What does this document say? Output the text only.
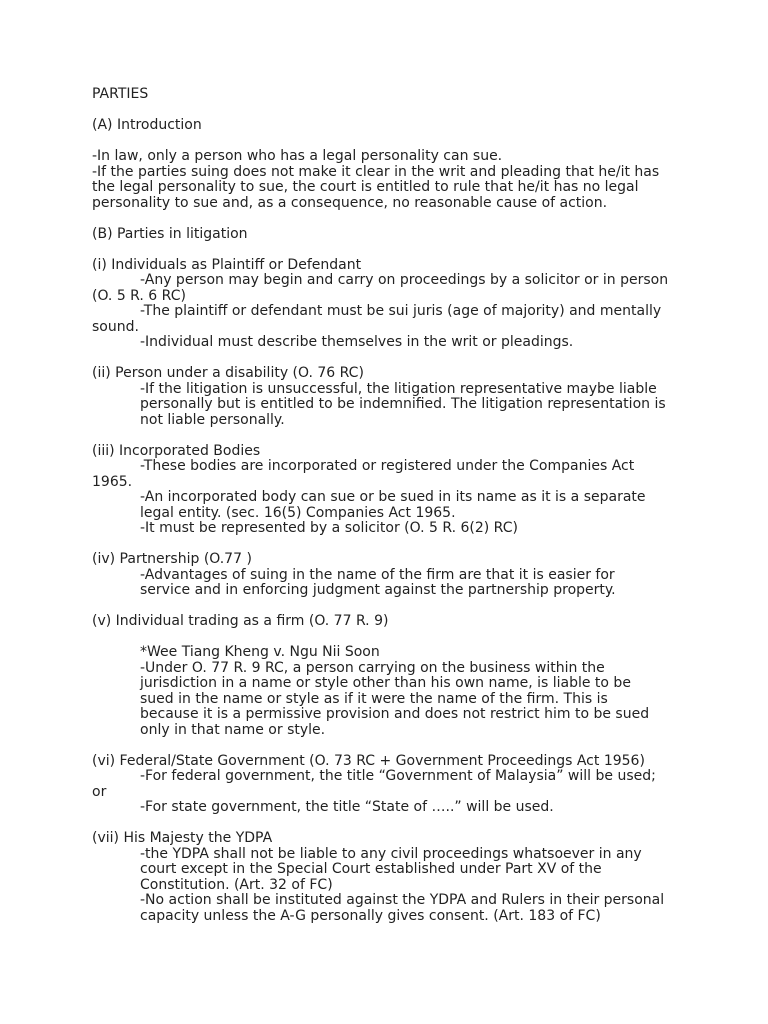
PARTIES
(A) Introduction
-In law, only a person who has a legal personality can sue.
-If the parties suing does not make it clear in the writ and pleading that he/it has
the legal personality to sue, the court is entitled to rule that he/it has no legal
personality to sue and, as a consequence, no reasonable cause of action.
(B) Parties in litigation
(i) Individuals as Plaintiff or Defendant
-Any person may begin and carry on proceedings by a solicitor or in person
(O. 5 R. 6 RC)
-The plaintiff or defendant must be sui juris (age of majority) and mentally
sound.
-Individual must describe themselves in the writ or pleadings.
(ii) Person under a disability (O. 76 RC)
-If the litigation is unsuccessful, the litigation representative maybe liable
personally but is entitled to be indemnified. The litigation representation is
not liable personally.
(iii) Incorporated Bodies
-These bodies are incorporated or registered under the Companies Act
1965.
-An incorporated body can sue or be sued in its name as it is a separate
legal entity. (sec. 16(5) Companies Act 1965.
-It must be represented by a solicitor (O. 5 R. 6(2) RC)
(iv) Partnership (O.77 )
-Advantages of suing in the name of the firm are that it is easier for
service and in enforcing judgment against the partnership property.
(v) Individual trading as a firm (O. 77 R. 9)
*Wee Tiang Kheng v. Ngu Nii Soon
-Under O. 77 R. 9 RC, a person carrying on the business within the
jurisdiction in a name or style other than his own name, is liable to be
sued in the name or style as if it were the name of the firm. This is
because it is a permissive provision and does not restrict him to be sued
only in that name or style.
(vi) Federal/State Government (O. 73 RC + Government Proceedings Act 1956)
-For federal government, the title “Government of Malaysia” will be used;
or
-For state government, the title “State of …..” will be used.
(vii) His Majesty the YDPA
-the YDPA shall not be liable to any civil proceedings whatsoever in any
court except in the Special Court established under Part XV of the
Constitution. (Art. 32 of FC)
-No action shall be instituted against the YDPA and Rulers in their personal
capacity unless the A-G personally gives consent. (Art. 183 of FC)
